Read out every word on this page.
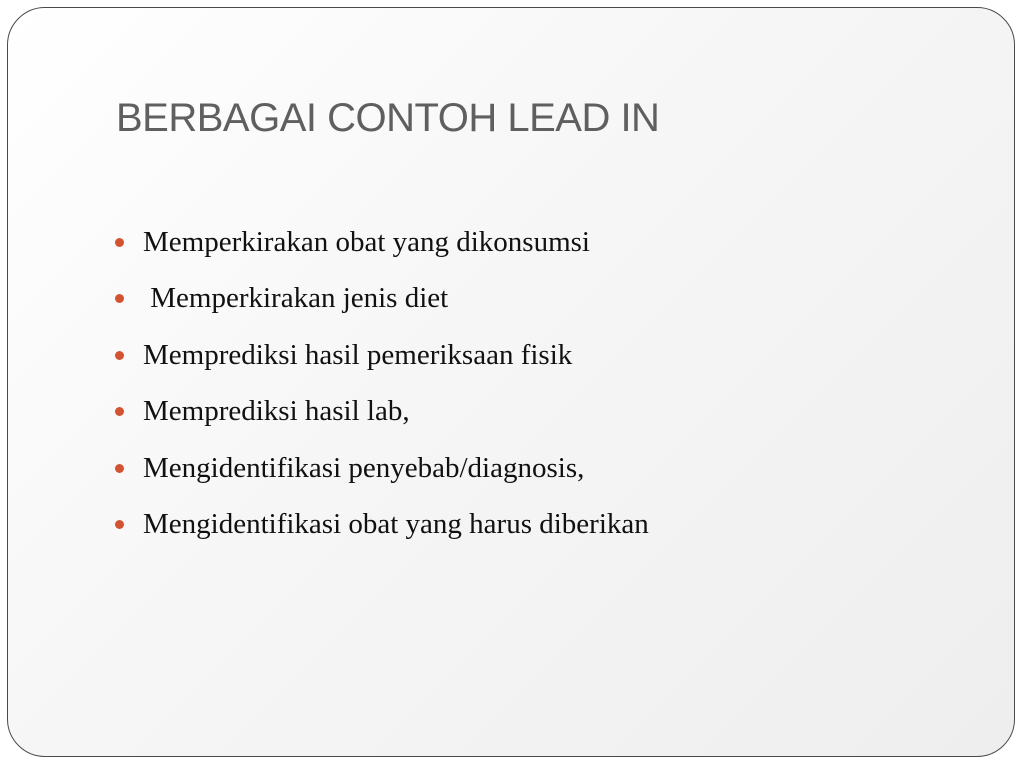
BERBAGAI CONTOH LEAD IN
Memperkirakan obat yang dikonsumsi
Memperkirakan jenis diet
Memprediksi hasil pemeriksaan fisik
Memprediksi hasil lab,
Mengidentifikasi penyebab/diagnosis,
Mengidentifikasi obat yang harus diberikan
